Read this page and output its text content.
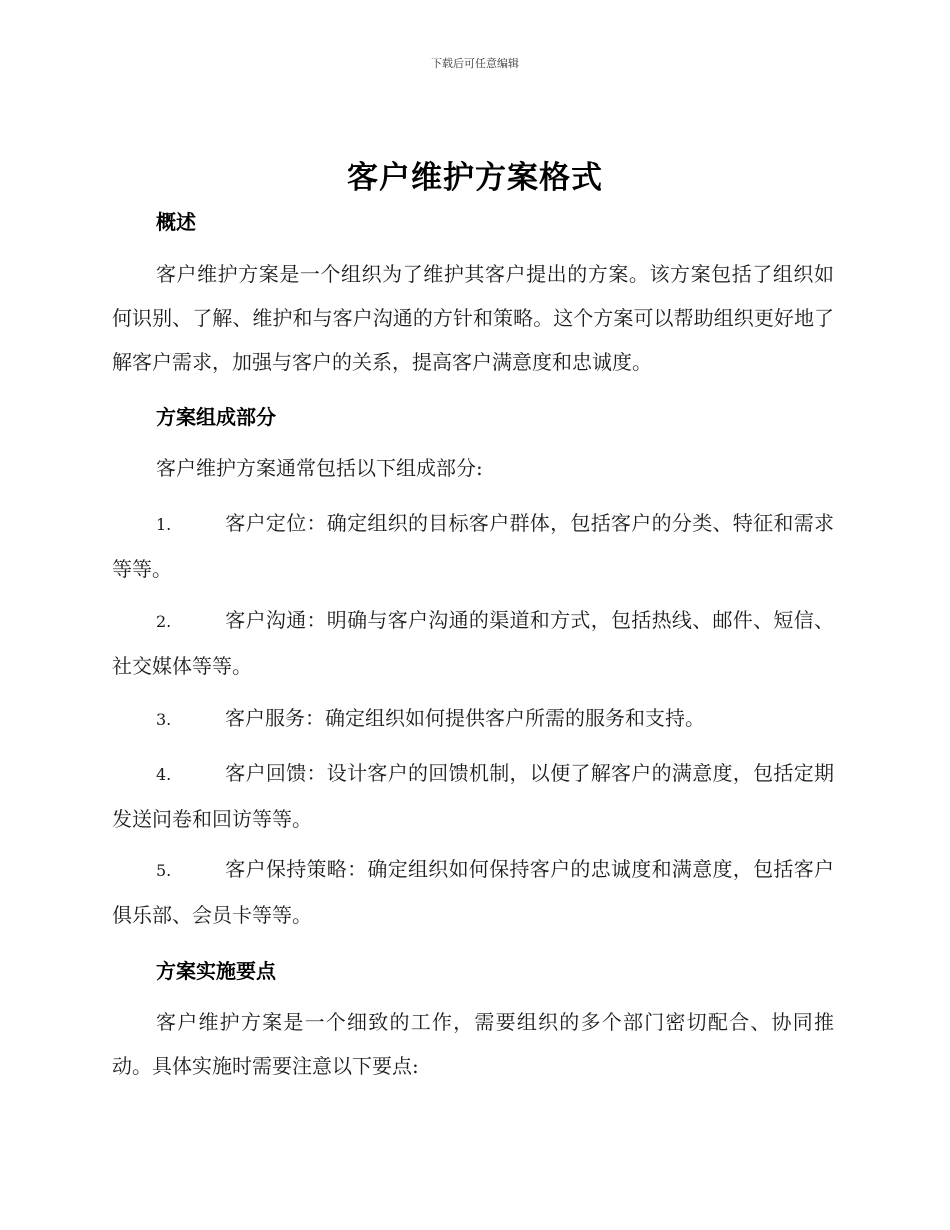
下载后可任意编辑
客户维护方案格式
概述

客户维护方案是一个组织为了维护其客户提出的方案。该方案包括了组织如何识别、了解、维护和与客户沟通的方针和策略。这个方案可以帮助组织更好地了解客户需求，加强与客户的关系，提高客户满意度和忠诚度。

方案组成部分

客户维护方案通常包括以下组成部分:

1.	客户定位：确定组织的目标客户群体，包括客户的分类、特征和需求等等。

2.	客户沟通：明确与客户沟通的渠道和方式，包括热线、邮件、短信、社交媒体等等。

3.	客户服务：确定组织如何提供客户所需的服务和支持。

4.	客户回馈：设计客户的回馈机制，以便了解客户的满意度，包括定期发送问卷和回访等等。

5.	客户保持策略：确定组织如何保持客户的忠诚度和满意度，包括客户俱乐部、会员卡等等。

方案实施要点

客户维护方案是一个细致的工作，需要组织的多个部门密切配合、协同推动。具体实施时需要注意以下要点:
